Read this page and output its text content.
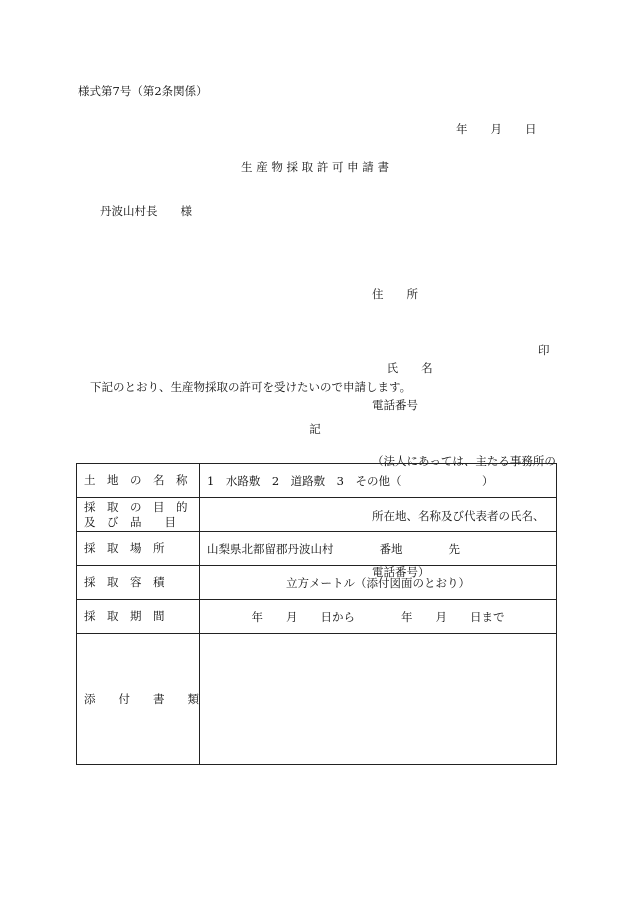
様式第7号（第2条関係）
年　　月　　日
生 産 物 採 取 許 可 申 請 書
丹波山村長　　様

住　　所

氏　　名

印

電話番号

（法人にあっては、主たる事務所の

所在地、名称及び代表者の氏名、

電話番号）

下記のとおり、生産物採取の許可を受けたいので申請します。
記
土　地　の　名　称	1　水路敷　2　道路敷　3　その他（　　　　　　　）

採　取　の　目　的
及　び　品　　目	

採　取　場　所	山梨県北都留郡丹波山村　　　　番地　　　　先

採　取　容　積	立方メートル（添付図面のとおり）

採　取　期　間	年　　月　　日から　　　　年　　月　　日まで

添　　付　　書　　類	
